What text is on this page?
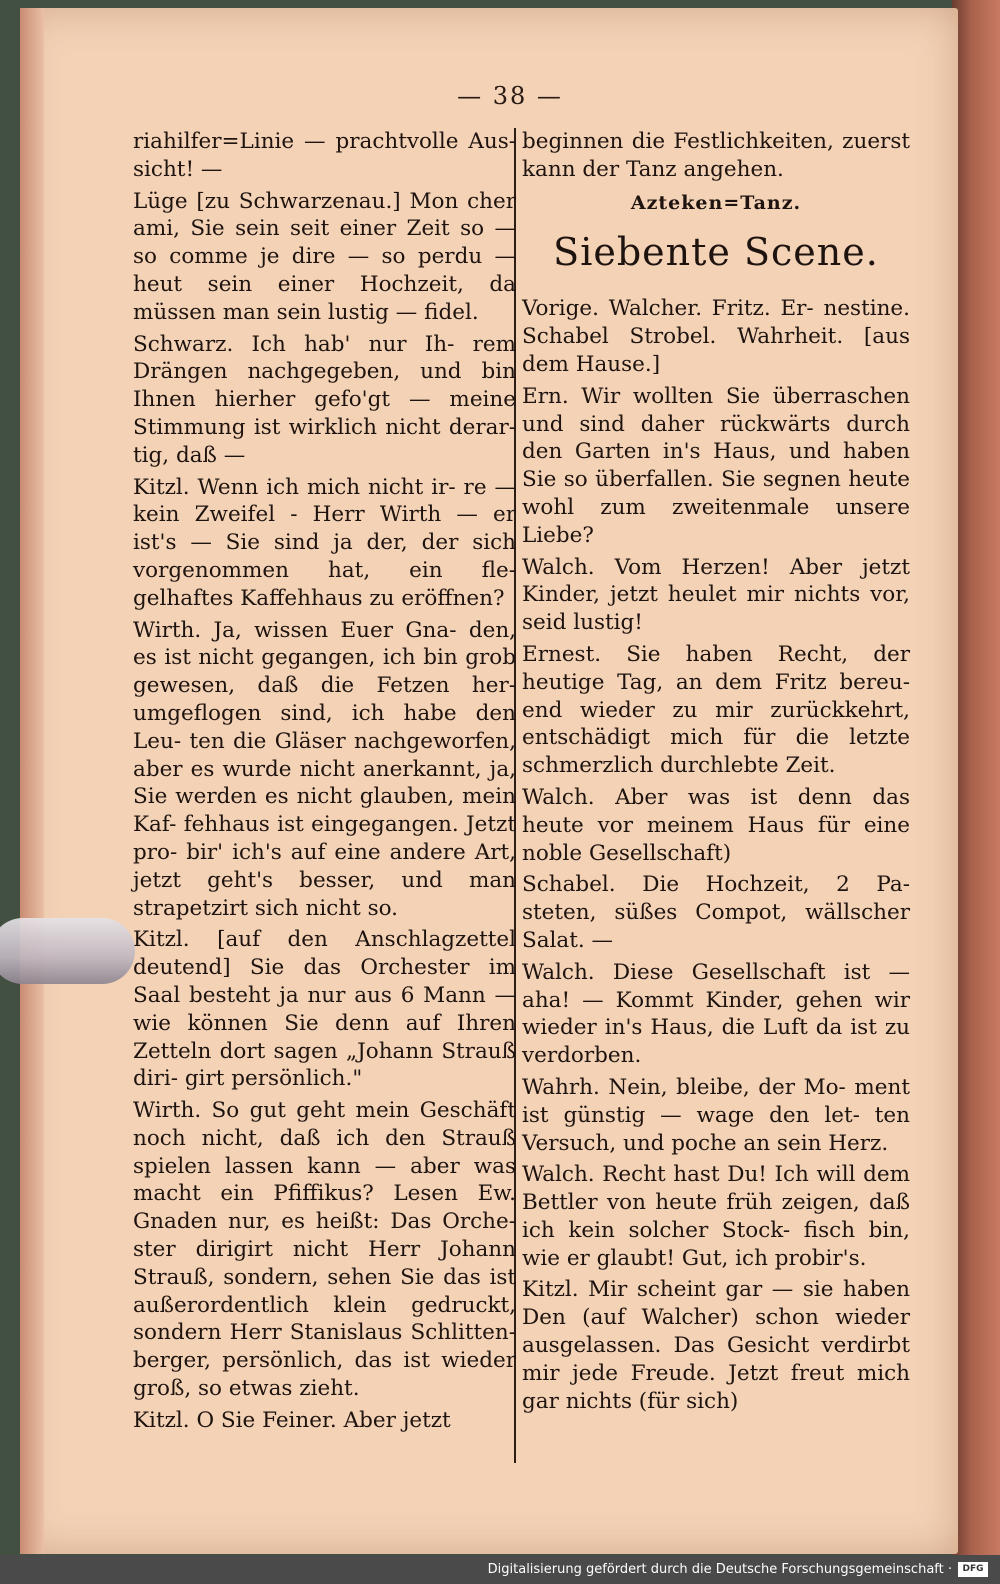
— 38 —

riahilfer=Linie — prachtvolle Aus- sicht! —

Lüge [zu Schwarzenau.] Mon cher ami, Sie sein seit einer Zeit so — so comme je dire — so perdu — heut sein einer Hochzeit, da müssen man sein lustig — fidel.

Schwarz. Ich hab' nur Ih- rem Drängen nachgegeben, und bin Ihnen hierher gefo'gt — meine Stimmung ist wirklich nicht derar- tig, daß —

Kitzl. Wenn ich mich nicht ir- re — kein Zweifel - Herr Wirth — er ist's — Sie sind ja der, der sich vorgenommen hat, ein fle- gelhaftes Kaffehhaus zu eröffnen?

Wirth. Ja, wissen Euer Gna- den, es ist nicht gegangen, ich bin grob gewesen, daß die Fetzen her- umgeflogen sind, ich habe den Leu- ten die Gläser nachgeworfen, aber es wurde nicht anerkannt, ja, Sie werden es nicht glauben, mein Kaf- fehhaus ist eingegangen. Jetzt pro- bir' ich's auf eine andere Art, jetzt geht's besser, und man strapetzirt sich nicht so.

Kitzl. [auf den Anschlagzettel deutend] Sie das Orchester im Saal besteht ja nur aus 6 Mann — wie können Sie denn auf Ihren Zetteln dort sagen „Johann Strauß diri- girt persönlich."

Wirth. So gut geht mein Geschäft noch nicht, daß ich den Strauß spielen lassen kann — aber was macht ein Pfiffikus? Lesen Ew. Gnaden nur, es heißt: Das Orche- ster dirigirt nicht Herr Johann Strauß, sondern, sehen Sie das ist außerordentlich klein gedruckt, sondern Herr Stanislaus Schlitten- berger, persönlich, das ist wieder groß, so etwas zieht.

Kitzl. O Sie Feiner. Aber jetzt

beginnen die Festlichkeiten, zuerst kann der Tanz angehen.

Azteken=Tanz.
Siebente Scene.

Vorige. Walcher. Fritz. Er- nestine. Schabel Strobel. Wahrheit. [aus dem Hause.]

Ern. Wir wollten Sie überraschen und sind daher rückwärts durch den Garten in's Haus, und haben Sie so überfallen. Sie segnen heute wohl zum zweitenmale unsere Liebe?

Walch. Vom Herzen! Aber jetzt Kinder, jetzt heulet mir nichts vor, seid lustig!

Ernest. Sie haben Recht, der heutige Tag, an dem Fritz bereu- end wieder zu mir zurückkehrt, entschädigt mich für die letzte schmerzlich durchlebte Zeit.

Walch. Aber was ist denn das heute vor meinem Haus für eine noble Gesellschaft)

Schabel. Die Hochzeit, 2 Pa- steten, süßes Compot, wällscher Salat. —

Walch. Diese Gesellschaft ist — aha! — Kommt Kinder, gehen wir wieder in's Haus, die Luft da ist zu verdorben.

Wahrh. Nein, bleibe, der Mo- ment ist günstig — wage den let- ten Versuch, und poche an sein Herz.

Walch. Recht hast Du! Ich will dem Bettler von heute früh zeigen, daß ich kein solcher Stock- fisch bin, wie er glaubt! Gut, ich probir's.

Kitzl. Mir scheint gar — sie haben Den (auf Walcher) schon wieder ausgelassen. Das Gesicht verdirbt mir jede Freude. Jetzt freut mich gar nichts (für sich)

Digitalisierung gefördert durch die Deutsche Forschungsgemeinschaft ·	DFG
